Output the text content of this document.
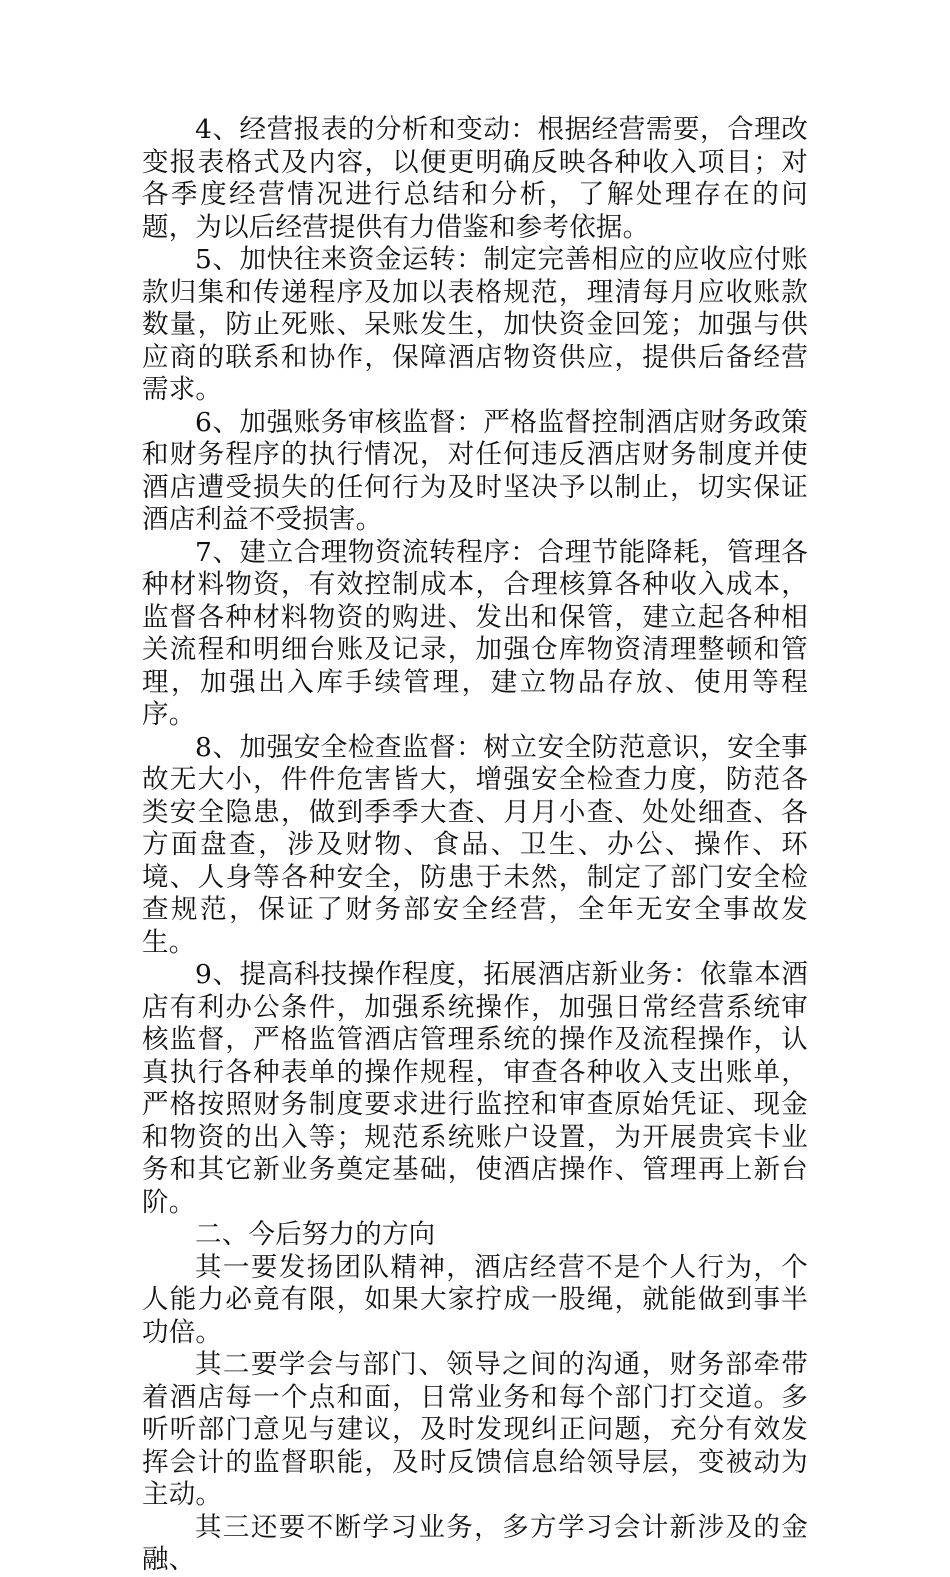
4、经营报表的分析和变动：根据经营需要，合理改变报表格式及内容，以便更明确反映各种收入项目；对各季度经营情况进行总结和分析，了解处理存在的问题，为以后经营提供有力借鉴和参考依据。

5、加快往来资金运转：制定完善相应的应收应付账款归集和传递程序及加以表格规范，理清每月应收账款数量，防止死账、呆账发生，加快资金回笼；加强与供应商的联系和协作，保障酒店物资供应，提供后备经营需求。

6、加强账务审核监督：严格监督控制酒店财务政策和财务程序的执行情况，对任何违反酒店财务制度并使酒店遭受损失的任何行为及时坚决予以制止，切实保证酒店利益不受损害。

7、建立合理物资流转程序：合理节能降耗，管理各种材料物资，有效控制成本，合理核算各种收入成本，监督各种材料物资的购进、发出和保管，建立起各种相关流程和明细台账及记录，加强仓库物资清理整顿和管理，加强出入库手续管理，建立物品存放、使用等程序。

8、加强安全检查监督：树立安全防范意识，安全事故无大小，件件危害皆大，增强安全检查力度，防范各类安全隐患，做到季季大查、月月小查、处处细查、各方面盘查，涉及财物、食品、卫生、办公、操作、环境、人身等各种安全，防患于未然，制定了部门安全检查规范，保证了财务部安全经营，全年无安全事故发生。

9、提高科技操作程度，拓展酒店新业务：依靠本酒店有利办公条件，加强系统操作，加强日常经营系统审核监督，严格监管酒店管理系统的操作及流程操作，认真执行各种表单的操作规程，审查各种收入支出账单，严格按照财务制度要求进行监控和审查原始凭证、现金和物资的出入等；规范系统账户设置，为开展贵宾卡业务和其它新业务奠定基础，使酒店操作、管理再上新台阶。

二、今后努力的方向

其一要发扬团队精神，酒店经营不是个人行为，个人能力必竟有限，如果大家拧成一股绳，就能做到事半功倍。

其二要学会与部门、领导之间的沟通，财务部牵带着酒店每一个点和面，日常业务和每个部门打交道。多听听部门意见与建议，及时发现纠正问题，充分有效发挥会计的监督职能，及时反馈信息给领导层，变被动为主动。

其三还要不断学习业务，多方学习会计新涉及的金融、
